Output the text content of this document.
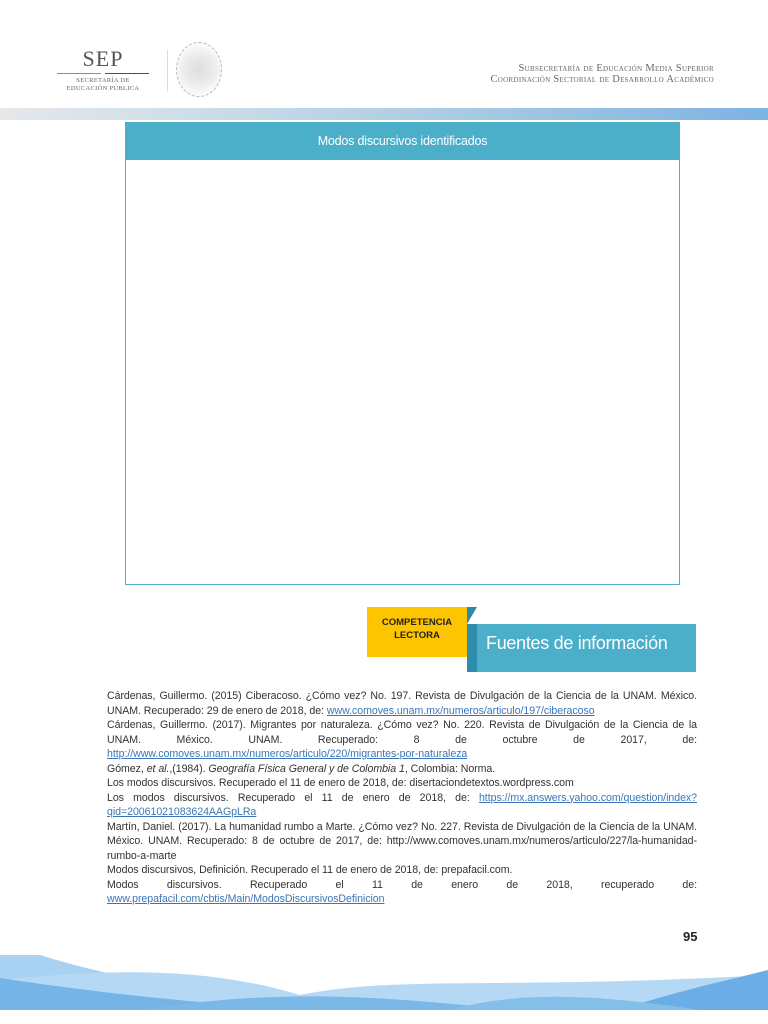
SEP
SECRETARÍA DE
EDUCACIÓN PÚBLICA
Subsecretaría de Educación Media Superior
Coordinación Sectorial de Desarrollo Académico
Modos discursivos identificados
COMPETENCIA
LECTORA	Fuentes de información

Cárdenas, Guillermo. (2015) Ciberacoso. ¿Cómo vez? No. 197. Revista de Divulgación de la Ciencia de la UNAM. México. UNAM. Recuperado: 29 de enero de 2018, de: www.comoves.unam.mx/numeros/articulo/197/ciberacoso

Cárdenas, Guillermo. (2017). Migrantes por naturaleza. ¿Cómo vez? No. 220. Revista de Divulgación de la Ciencia de la UNAM. México. UNAM. Recuperado: 8 de octubre de 2017, de: http://www.comoves.unam.mx/numeros/articulo/220/migrantes-por-naturaleza

Gómez, et al.,(1984). Geografía Física General y de Colombia 1, Colombia: Norma.

Los modos discursivos. Recuperado el 11 de enero de 2018, de: disertaciondetextos.wordpress.com

Los modos discursivos. Recuperado el 11 de enero de 2018, de: https://mx.answers.yahoo.com/question/index?qid=20061021083624AAGpLRa

Martín, Daniel. (2017). La humanidad rumbo a Marte. ¿Cómo vez? No. 227. Revista de Divulgación de la Ciencia de la UNAM. México. UNAM. Recuperado: 8 de octubre de 2017, de: http://www.comoves.unam.mx/numeros/articulo/227/la-humanidad-rumbo-a-marte

Modos discursivos, Definición. Recuperado el 11 de enero de 2018, de: prepafacil.com.

Modos discursivos. Recuperado el 11 de enero de 2018, recuperado de: www.prepafacil.com/cbtis/Main/ModosDiscursivosDefinicion

95
